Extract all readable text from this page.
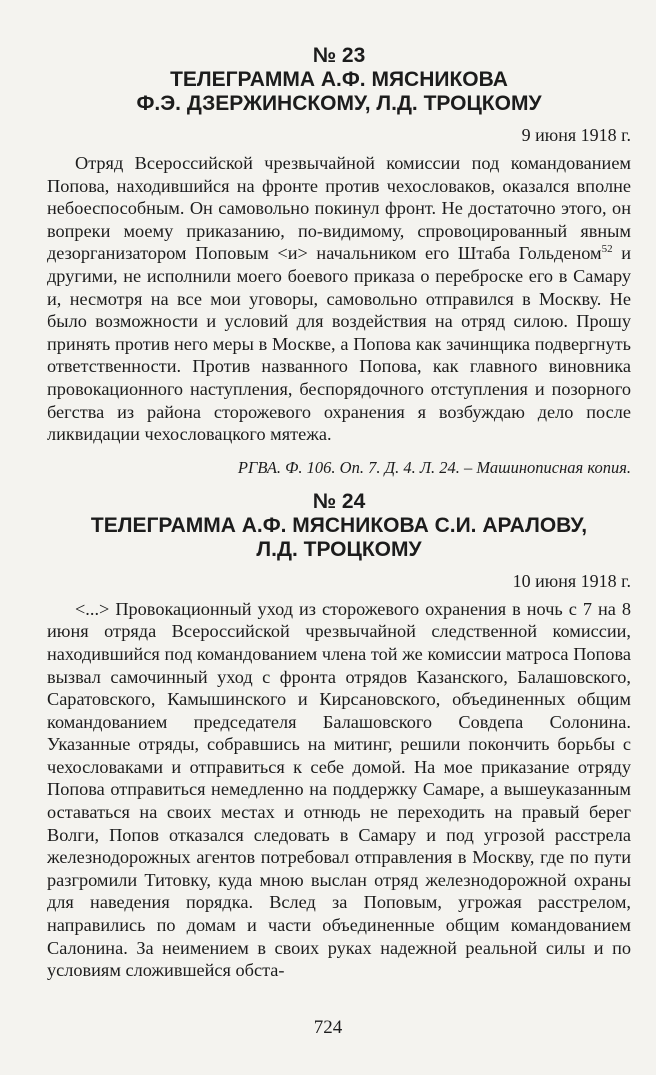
№ 23

ТЕЛЕГРАММА А.Ф. МЯСНИКОВА

Ф.Э. ДЗЕРЖИНСКОМУ, Л.Д. ТРОЦКОМУ

9 июня 1918 г.

Отряд Всероссийской чрезвычайной комиссии под командованием Попова, находившийся на фронте против чехословаков, оказался вполне небоеспособным. Он самовольно покинул фронт. Не достаточно этого, он вопреки моему приказанию, по-видимому, спровоцированный явным дезорганизатором Поповым <и> начальником его Штаба Гольденом$^{52}$ и другими, не исполнили моего боевого приказа о переброске его в Самару и, несмотря на все мои уговоры, самовольно отправился в Москву. Не было возможности и условий для воздействия на отряд силою. Прошу принять против него меры в Москве, а Попова как зачинщика подвергнуть ответственности. Против названного Попова, как главного виновника провокационного наступления, беспорядочного отступления и позорного бегства из района сторожевого охранения я возбуждаю дело после ликвидации чехословацкого мятежа.

РГВА. Ф. 106. Оп. 7. Д. 4. Л. 24. – Машинописная копия.

№ 24

ТЕЛЕГРАММА А.Ф. МЯСНИКОВА С.И. АРАЛОВУ,

Л.Д. ТРОЦКОМУ

10 июня 1918 г.

<...> Провокационный уход из сторожевого охранения в ночь с 7 на 8 июня отряда Всероссийской чрезвычайной следственной комиссии, находившийся под командованием члена той же комиссии матроса Попова вызвал самочинный уход с фронта отрядов Казанского, Балашовского, Саратовского, Камышинского и Кирсановского, объединенных общим командованием председателя Балашовского Совдепа Солонина. Указанные отряды, собравшись на митинг, решили покончить борьбы с чехословаками и отправиться к себе домой. На мое приказание отряду Попова отправиться немедленно на поддержку Самаре, а вышеуказанным оставаться на своих местах и отнюдь не переходить на правый берег Волги, Попов отказался следовать в Самару и под угрозой расстрела железнодорожных агентов потребовал отправления в Москву, где по пути разгромили Титовку, куда мною выслан отряд железнодорожной охраны для наведения порядка. Вслед за Поповым, угрожая расстрелом, направились по домам и части объединенные общим командованием Салонина. За неимением в своих руках надежной реальной силы и по условиям сложившейся обста-

724
